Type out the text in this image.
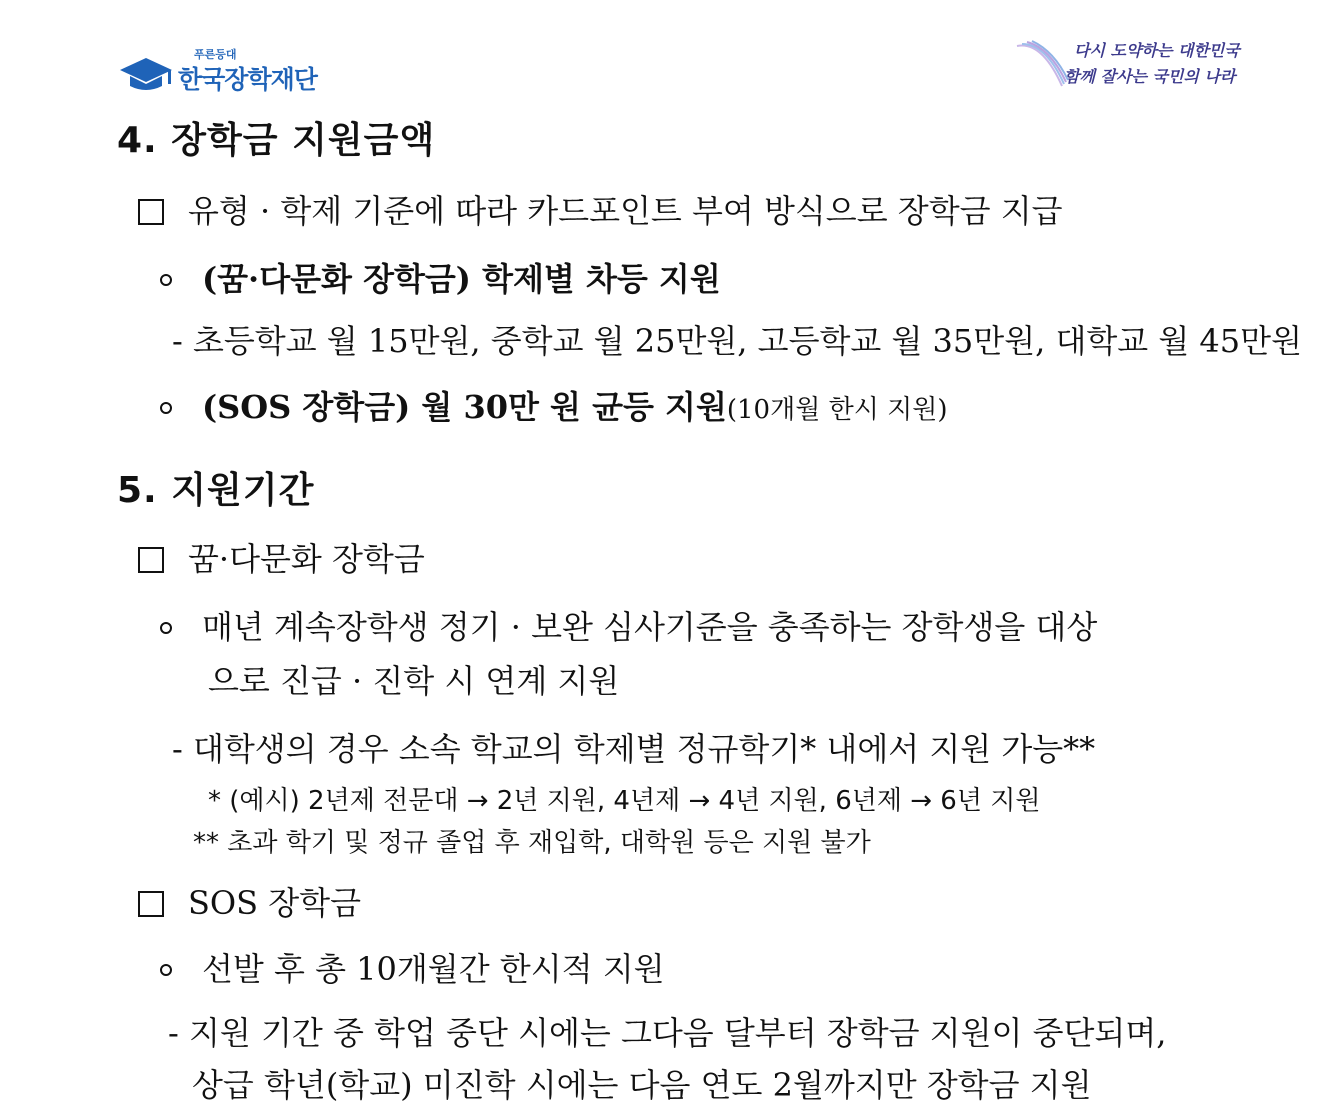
푸른등대
한국장학재단
다시 도약하는 대한민국
함께 잘사는 국민의 나라
4. 장학금 지원금액
유형 · 학제 기준에 따라 카드포인트 부여 방식으로 장학금 지급
(꿈·다문화 장학금) 학제별 차등 지원
- 초등학교 월 15만원, 중학교 월 25만원, 고등학교 월 35만원, 대학교 월 45만원
(SOS 장학금) 월 30만 원 균등 지원(10개월 한시 지원)
5. 지원기간
꿈·다문화 장학금
매년 계속장학생 정기 · 보완 심사기준을 충족하는 장학생을 대상
으로 진급 · 진학 시 연계 지원
- 대학생의 경우 소속 학교의 학제별 정규학기* 내에서 지원 가능**
* (예시) 2년제 전문대 → 2년 지원, 4년제 → 4년 지원, 6년제 → 6년 지원
** 초과 학기 및 정규 졸업 후 재입학, 대학원 등은 지원 불가
SOS 장학금
선발 후 총 10개월간 한시적 지원
- 지원 기간 중 학업 중단 시에는 그다음 달부터 장학금 지원이 중단되며,
상급 학년(학교) 미진학 시에는 다음 연도 2월까지만 장학금 지원
